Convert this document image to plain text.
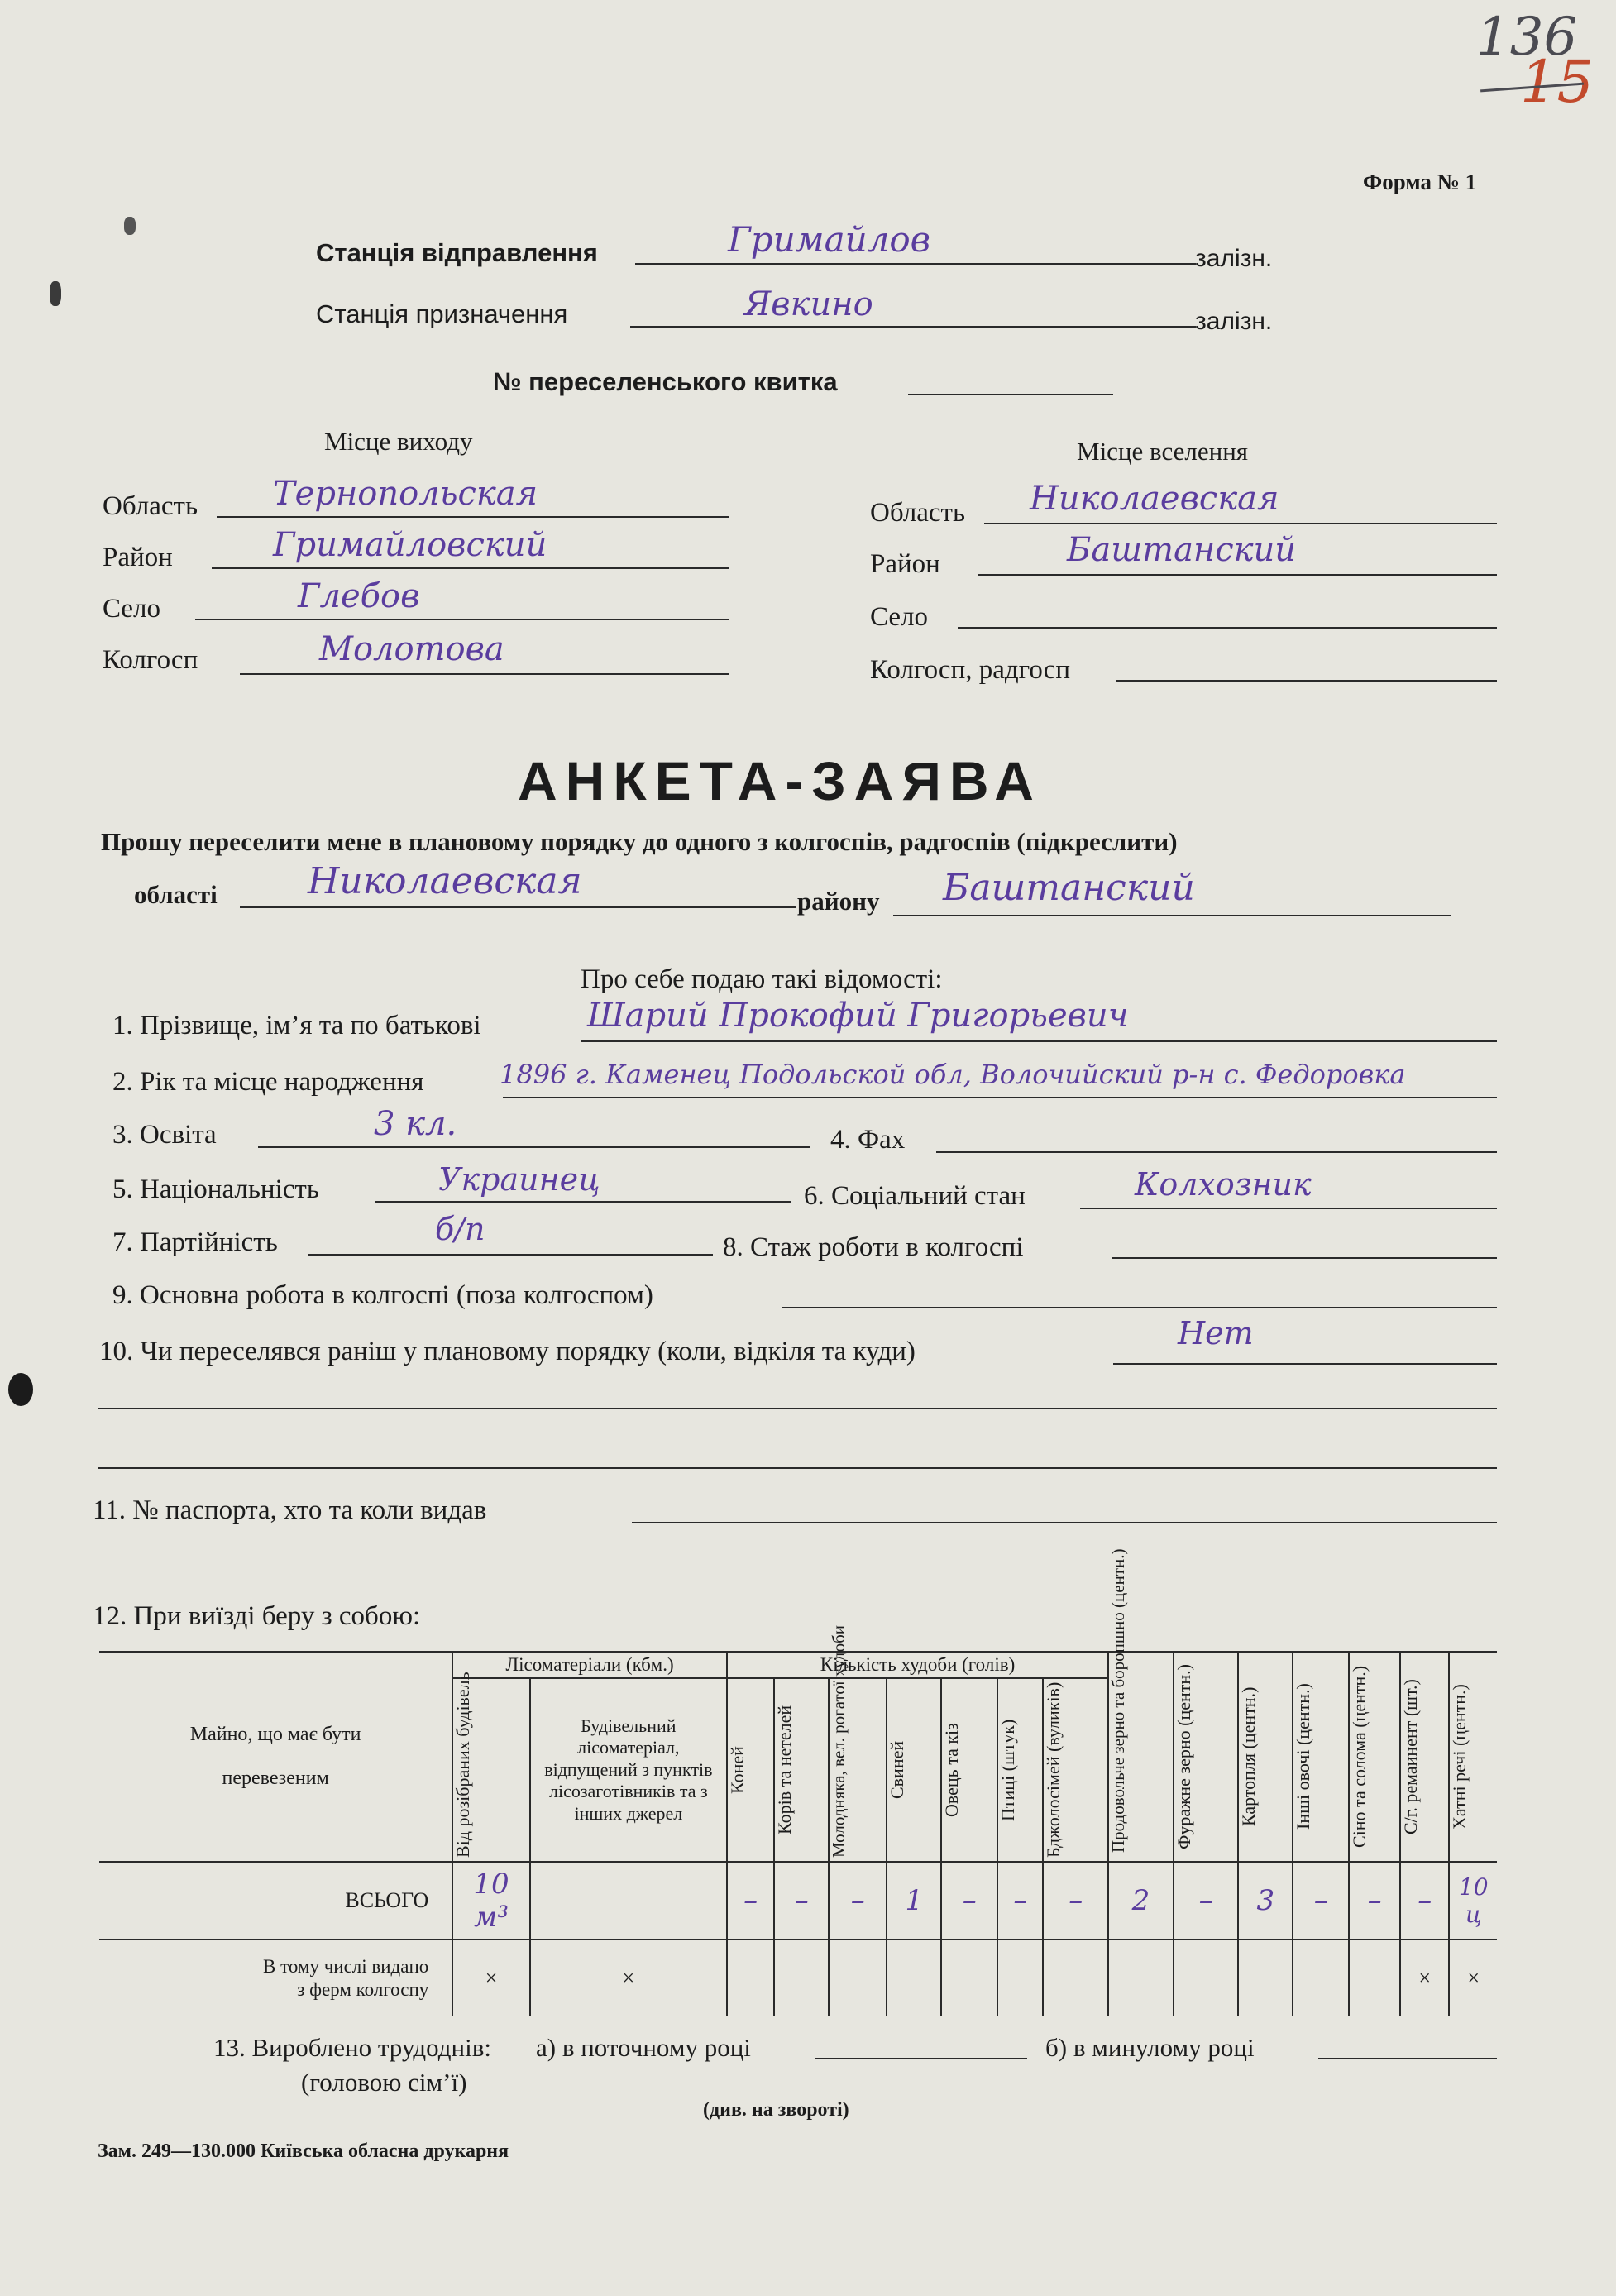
136
15
Форма № 1
Станція відправлення	Гримайлов	залізн.
Станція призначення	Явкино	залізн.
№ переселенського квитка
Місце виходу
Область Тернопольская
Район	Гримайловский
Село	Глебов
Колгосп	Молотова
Місце вселення
Область Николаевская
Район	Баштанский
Село
Колгосп, радгосп
АНКЕТА-ЗАЯВА
Прошу переселити мене в плановому порядку до одного з колгоспів, радгоспів (підкреслити)
області Николаевская	району Баштанский
Про себе подаю такі відомості:
1. Прізвище, ім’я та по батькові	Шарий Прокофий Григорьевич
2. Рік та місце народження	1896 г. Каменец Подольской обл, Волочийский р-н с. Федоровка
3. Освіта	3 кл.	4. Фах
5. Національність	Украинец	6. Соціальний стан	Колхозник
7. Партійність	б/п	8. Стаж роботи в колгоспі
9. Основна робота в колгоспі (поза колгоспом)
10. Чи переселявся раніш у плановому порядку (коли, відкіля та куди)	Нет
11. № паспорта, хто та коли видав
12. При виїзді беру з собою:
Майно, що має бути
перевезеним	Лісоматеріали (кбм.)		Кількість худоби (голів)							Продовольче зерно та боропшно (центн.)	Фуражне зерно (центн.)	Картопля (центн.)	Інші овочі (центн.)	Сіно та солома (центн.)	С/г. ремаинент (шт.)	Хатні речі (центн.)

	Від розібраних будівель	Будівельний лісоматеріал, відпущений з пунктів лісозаготівників та з інших джерел	Коней	Корів та нетелей	Молодняка, вел. рогатої худоби	Свиней	Овець та кіз	Птиці (штук)	Бджолосімей (вуликів)							

ВСЬОГО	10 м³		–	–	–	1	–	–	–	2	–	3	–	–	–	10 ц

В тому числі видано
з ферм колгоспу	×	×													×	×
13. Вироблено трудоднів:
(головою сім’ї)
а) в поточному році	б) в минулому році
(див. на звороті)
Зам. 249—130.000 Київська обласна друкарня
